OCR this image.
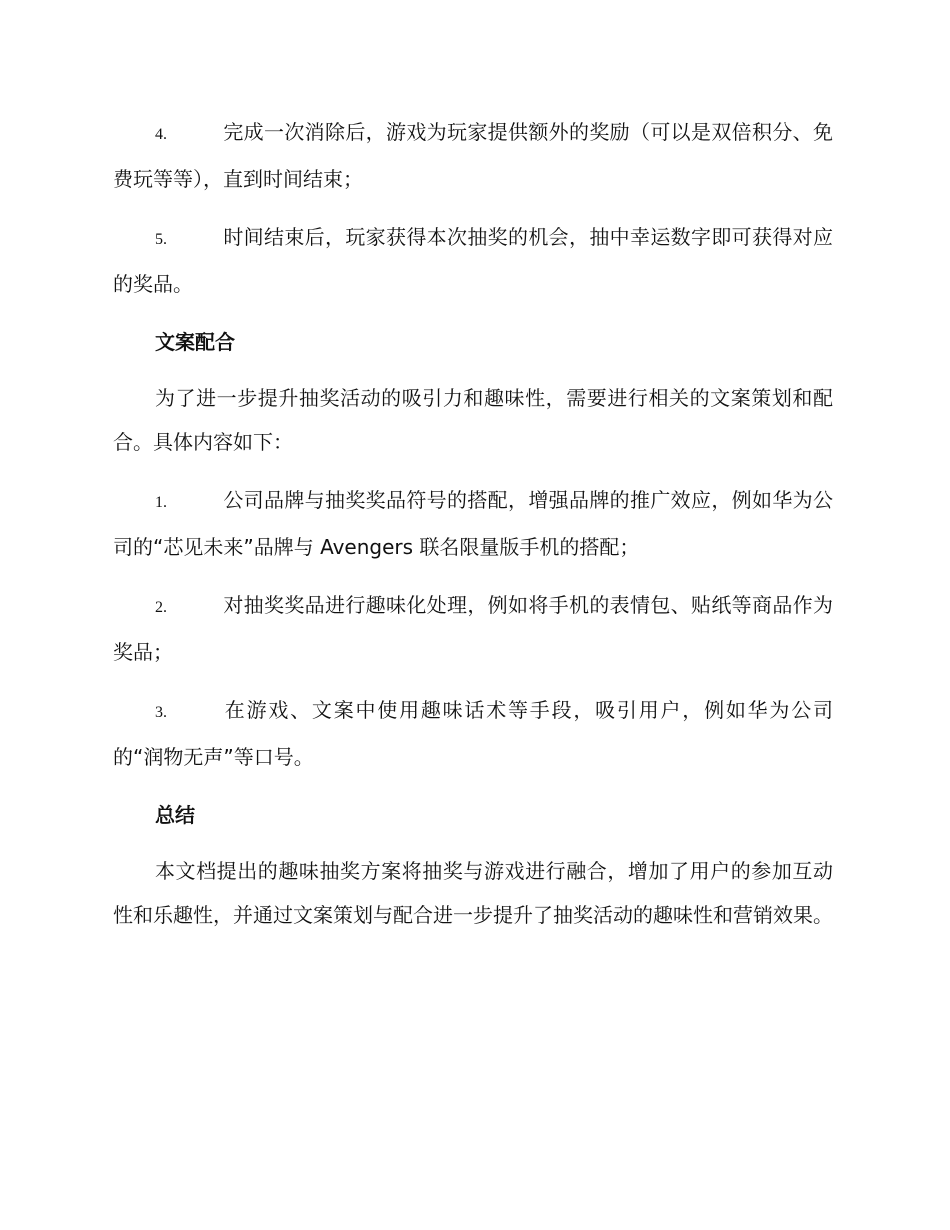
4.	完成一次消除后，游戏为玩家提供额外的奖励（可以是双倍积分、免费玩等等），直到时间结束；

5.	时间结束后，玩家获得本次抽奖的机会，抽中幸运数字即可获得对应的奖品。

文案配合

为了进一步提升抽奖活动的吸引力和趣味性，需要进行相关的文案策划和配合。具体内容如下：

1.	公司品牌与抽奖奖品符号的搭配，增强品牌的推广效应，例如华为公司的“芯见未来”品牌与 Avengers 联名限量版手机的搭配；

2.	对抽奖奖品进行趣味化处理，例如将手机的表情包、贴纸等商品作为奖品；

3.	在游戏、文案中使用趣味话术等手段，吸引用户，例如华为公司的“润物无声”等口号。

总结

本文档提出的趣味抽奖方案将抽奖与游戏进行融合，增加了用户的参加互动性和乐趣性，并通过文案策划与配合进一步提升了抽奖活动的趣味性和营销效果。
